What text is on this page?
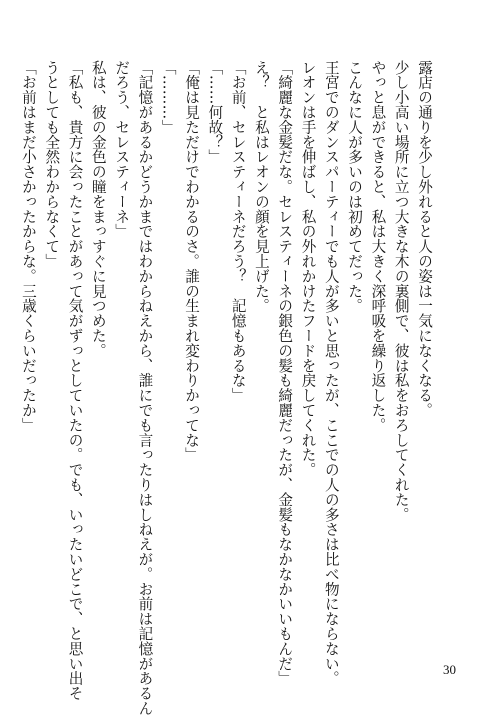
露店の通りを少し外れると人の姿は一気になくなる。
少し小高い場所に立つ大きな木の裏側で、彼は私をおろしてくれた。
やっと息ができると、私は大きく深呼吸を繰り返した。
こんなに人が多いのは初めてだった。
王宮でのダンスパーティーでも人が多いと思ったが、ここでの人の多さは比べ物にならない。
レオンは手を伸ばし、私の外れかけたフードを戻してくれた。
「綺麗な金髪だな。セレスティーネの銀色の髪も綺麗だったが、金髪もなかなかいいもんだ」
え？　と私はレオンの顔を見上げた。
「お前、セレスティーネだろう？　記憶もあるな」
「……何故？」
「俺は見ただけでわかるのさ。誰の生まれ変わりかってな」
「………」
「記憶があるかどうかまではわからねえから、誰にでも言ったりはしねえが。お前は記憶があるん
だろう、セレスティーネ」
私は、彼の金色の瞳をまっすぐに見つめた。
「私も、貴方に会ったことがあって気がずっとしていたの。でも、いったいどこで、と思い出そ
うとしても全然わからなくて」
「お前はまだ小さかったからな。三歳くらいだったか」
30
